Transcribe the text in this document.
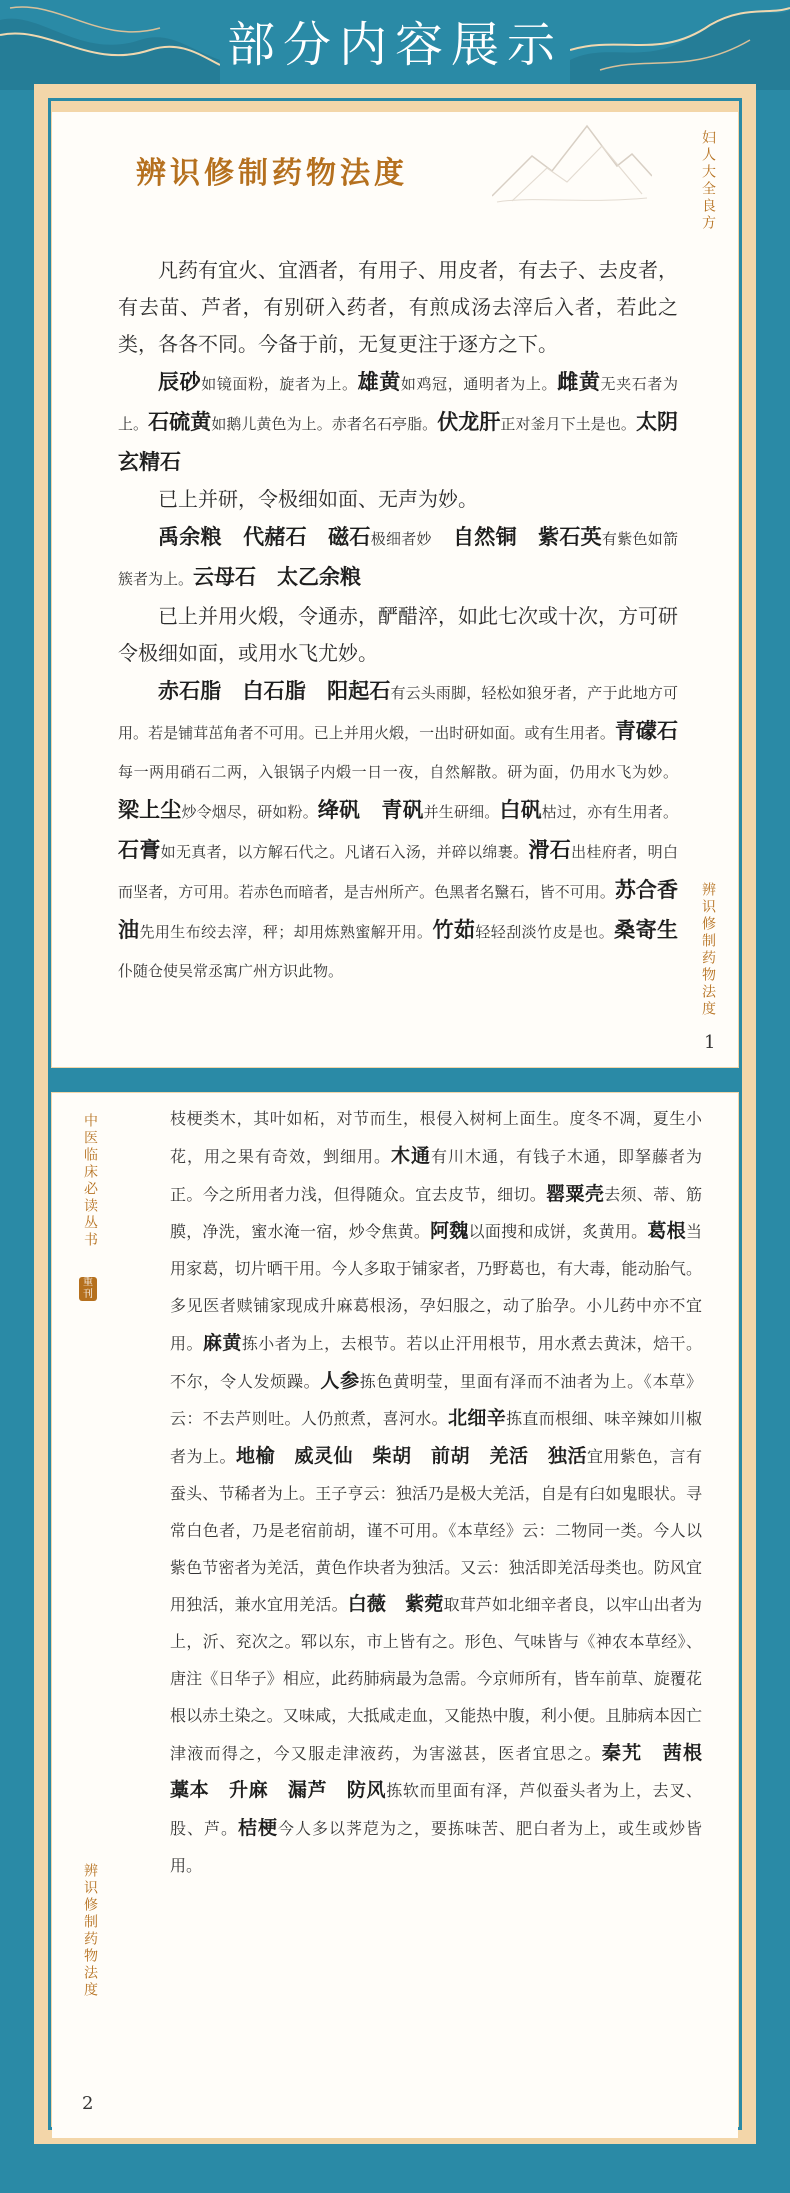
部分内容展示
辨识修制药物法度	妇人大全良方

凡药有宜火、宜酒者，有用子、用皮者，有去子、去皮者，有去苗、芦者，有别研入药者，有煎成汤去滓后入者，若此之类，各各不同。今备于前，无复更注于逐方之下。

辰砂如镜面粉，旋者为上。雄黄如鸡冠，通明者为上。雌黄无夹石者为上。石硫黄如鹅儿黄色为上。赤者名石亭脂。伏龙肝正对釜月下土是也。太阴玄精石

已上并研，令极细如面、无声为妙。

禹余粮　代赭石　磁石极细者妙　自然铜　紫石英有紫色如箭簇者为上。云母石　太乙余粮

已上并用火煅，令通赤，酽醋淬，如此七次或十次，方可研令极细如面，或用水飞尤妙。

赤石脂　白石脂　阳起石有云头雨脚，轻松如狼牙者，产于此地方可用。若是铺茸茁角者不可用。已上并用火煅，一出时研如面。或有生用者。青礞石每一两用硝石二两，入银锅子内煅一日一夜，自然解散。研为面，仍用水飞为妙。梁上尘炒令烟尽，研如粉。绛矾　青矾并生研细。白矾枯过，亦有生用者。石膏如无真者，以方解石代之。凡诸石入汤，并碎以绵裹。滑石出桂府者，明白而坚者，方可用。若赤色而暗者，是吉州所产。色黑者名黳石，皆不可用。苏合香油先用生布绞去滓，秤；却用炼熟蜜解开用。竹茹轻轻刮淡竹皮是也。桑寄生仆随仓使吴常丞寓广州方识此物。	辨识修制药物法度
1
中医临床必读丛书
重刊

枝梗类木，其叶如柘，对节而生，根侵入树柯上面生。度冬不凋，夏生小花，用之果有奇效，剉细用。木通有川木通，有钱子木通，即拏藤者为正。今之所用者力浅，但得随众。宜去皮节，细切。罂粟壳去须、蒂、筋膜，净洗，蜜水淹一宿，炒令焦黄。阿魏以面搜和成饼，炙黄用。葛根当用家葛，切片晒干用。今人多取于铺家者，乃野葛也，有大毒，能动胎气。多见医者赎铺家现成升麻葛根汤，孕妇服之，动了胎孕。小儿药中亦不宜用。麻黄拣小者为上，去根节。若以止汗用根节，用水煮去黄沫，焙干。不尔，令人发烦躁。人参拣色黄明莹，里面有泽而不油者为上。《本草》云：不去芦则吐。人仍煎煮，喜河水。北细辛拣直而根细、味辛辣如川椒者为上。地榆　威灵仙　柴胡　前胡　羌活　独活宜用紫色，言有蚕头、节稀者为上。王子亨云：独活乃是极大羌活，自是有臼如鬼眼状。寻常白色者，乃是老宿前胡，谨不可用。《本草经》云：二物同一类。今人以紫色节密者为羌活，黄色作块者为独活。又云：独活即羌活母类也。防风宜用独活，兼水宜用羌活。白薇　紫菀取茸芦如北细辛者良，以牢山出者为上，沂、兖次之。郓以东，市上皆有之。形色、气味皆与《神农本草经》、唐注《日华子》相应，此药肺病最为急需。今京师所有，皆车前草、旋覆花根以赤土染之。又味咸，大抵咸走血，又能热中腹，利小便。且肺病本因亡津液而得之，今又服走津液药，为害滋甚，医者宜思之。秦艽　茜根　藁本　升麻　漏芦　防风拣软而里面有泽，芦似蚕头者为上，去叉、股、芦。桔梗今人多以荠苨为之，要拣味苦、肥白者为上，或生或炒皆用。

辨识修制药物法度
2
